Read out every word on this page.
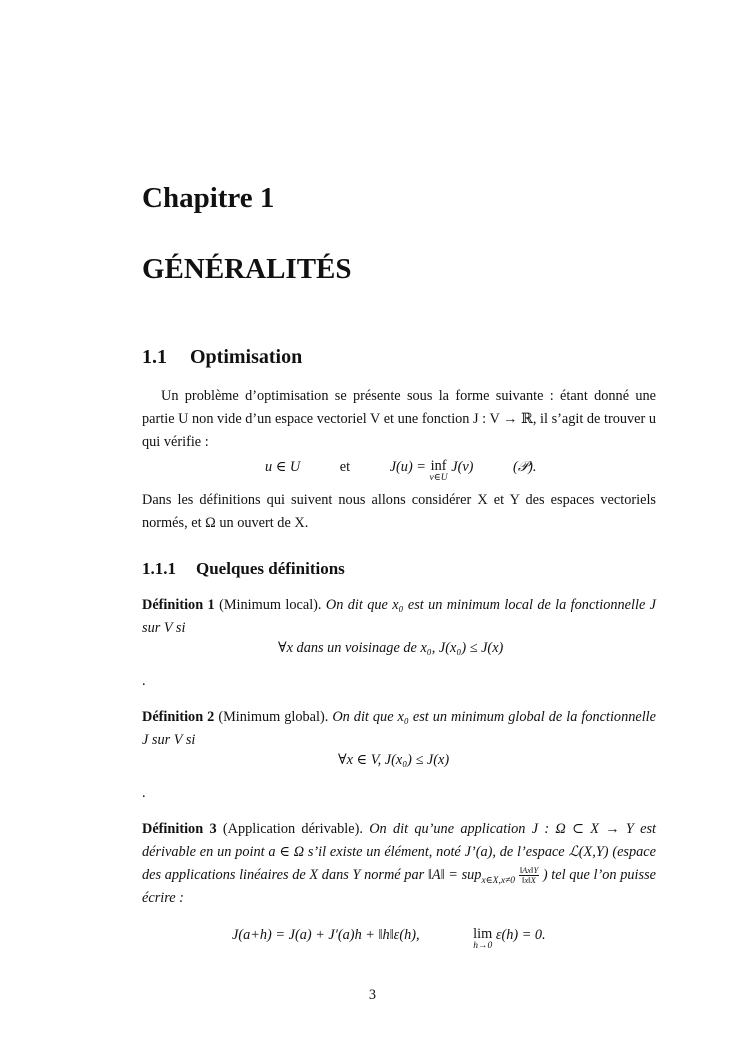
Chapitre 1
GÉNÉRALITÉS
1.1 Optimisation

Un problème d’optimisation se présente sous la forme suivante : étant donné une partie U non vide d’un espace vectoriel V et une fonction J : V → ℝ, il s’agit de trouver u qui vérifie :

u ∈ U	et	J(u) = inf
v∈U
J(v)	(𝒫).

Dans les définitions qui suivent nous allons considérer X et Y des espaces vectoriels normés, et Ω un ouvert de X.

1.1.1 Quelques définitions

Définition 1 (Minimum local). On dit que x₀ est un minimum local de la fonctionnelle J sur V si

∀x dans un voisinage de x₀, J(x₀) ≤ J(x)
.

Définition 2 (Minimum global). On dit que x₀ est un minimum global de la fonctionnelle J sur V si

∀x ∈ V, J(x₀) ≤ J(x)
.

Définition 3 (Application dérivable). On dit qu’une application J : Ω ⊂ X → Y est dérivable en un point a ∈ Ω s’il existe un élément, noté J’(a), de l’espace ℒ(X,Y) (espace des applications linéaires de X dans Y normé par ‖A‖ = $sup_{x\in X,x\ne 0} \frac{‖Ax‖Y}{‖x‖X}$ ) tel que l’on puisse écrire :

J(a+h) = J(a) + J′(a)h + ‖h‖ε(h),	lim
h→0
ε(h) = 0.
3
